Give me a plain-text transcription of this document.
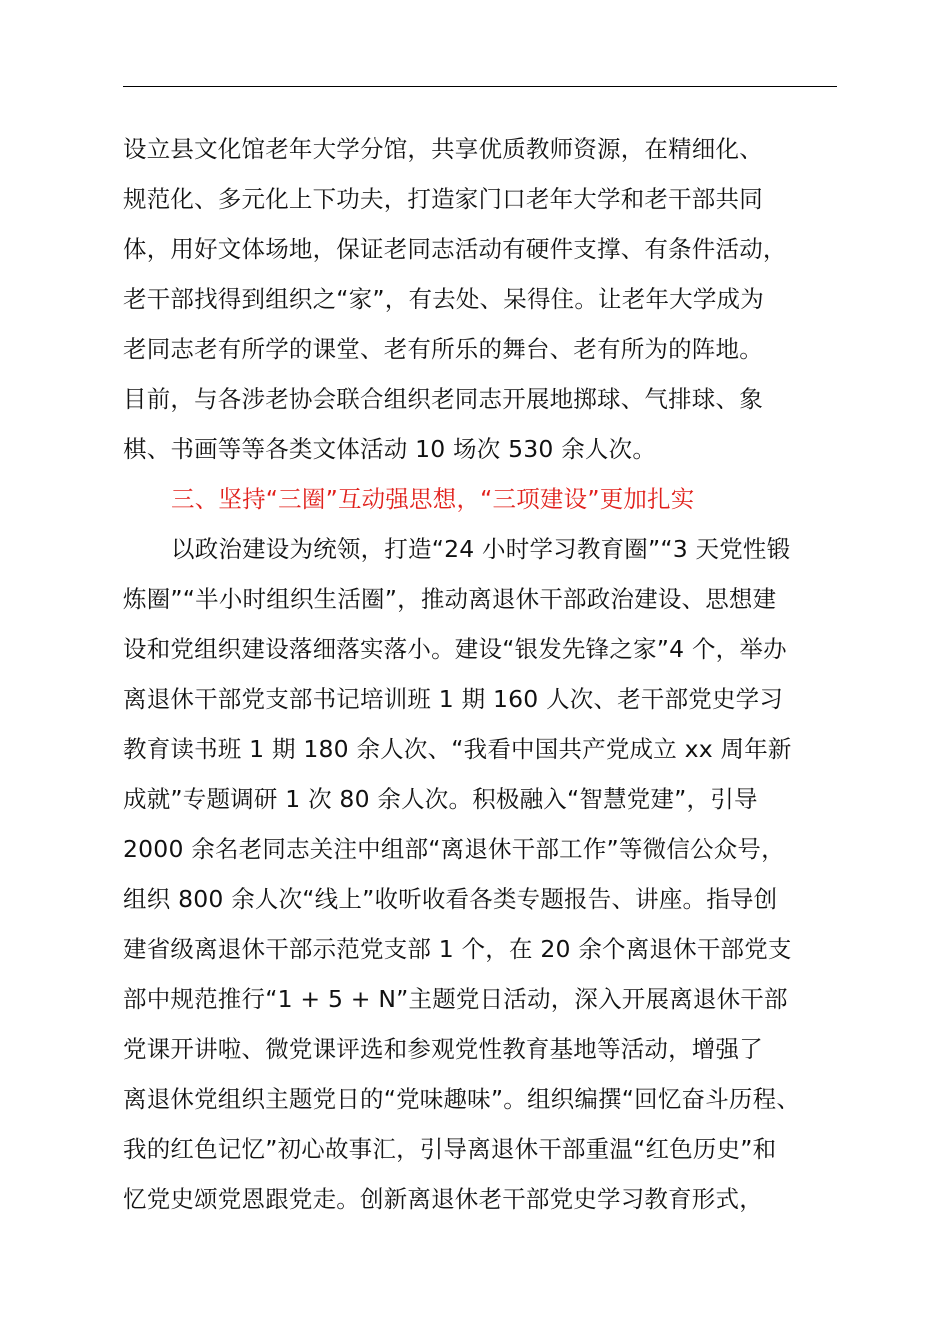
设立县文化馆老年大学分馆，共享优质教师资源，在精细化、
规范化、多元化上下功夫，打造家门口老年大学和老干部共同
体，用好文体场地，保证老同志活动有硬件支撑、有条件活动，
老干部找得到组织之“家”，有去处、呆得住。让老年大学成为
老同志老有所学的课堂、老有所乐的舞台、老有所为的阵地。
目前，与各涉老协会联合组织老同志开展地掷球、气排球、象
棋、书画等等各类文体活动 10 场次 530 余人次。
三、坚持“三圈”互动强思想，“三项建设”更加扎实
以政治建设为统领，打造“24 小时学习教育圈”“3 天党性锻
炼圈”“半小时组织生活圈”，推动离退休干部政治建设、思想建
设和党组织建设落细落实落小。建设“银发先锋之家”4 个，举办
离退休干部党支部书记培训班 1 期 160 人次、老干部党史学习
教育读书班 1 期 180 余人次、“我看中国共产党成立 xx 周年新
成就”专题调研 1 次 80 余人次。积极融入“智慧党建”，引导
2000 余名老同志关注中组部“离退休干部工作”等微信公众号，
组织 800 余人次“线上”收听收看各类专题报告、讲座。指导创
建省级离退休干部示范党支部 1 个，在 20 余个离退休干部党支
部中规范推行“1 + 5 + N”主题党日活动，深入开展离退休干部
党课开讲啦、微党课评选和参观党性教育基地等活动，增强了
离退休党组织主题党日的“党味趣味”。组织编撰“回忆奋斗历程、
我的红色记忆”初心故事汇，引导离退休干部重温“红色历史”和
忆党史颂党恩跟党走。创新离退休老干部党史学习教育形式，
